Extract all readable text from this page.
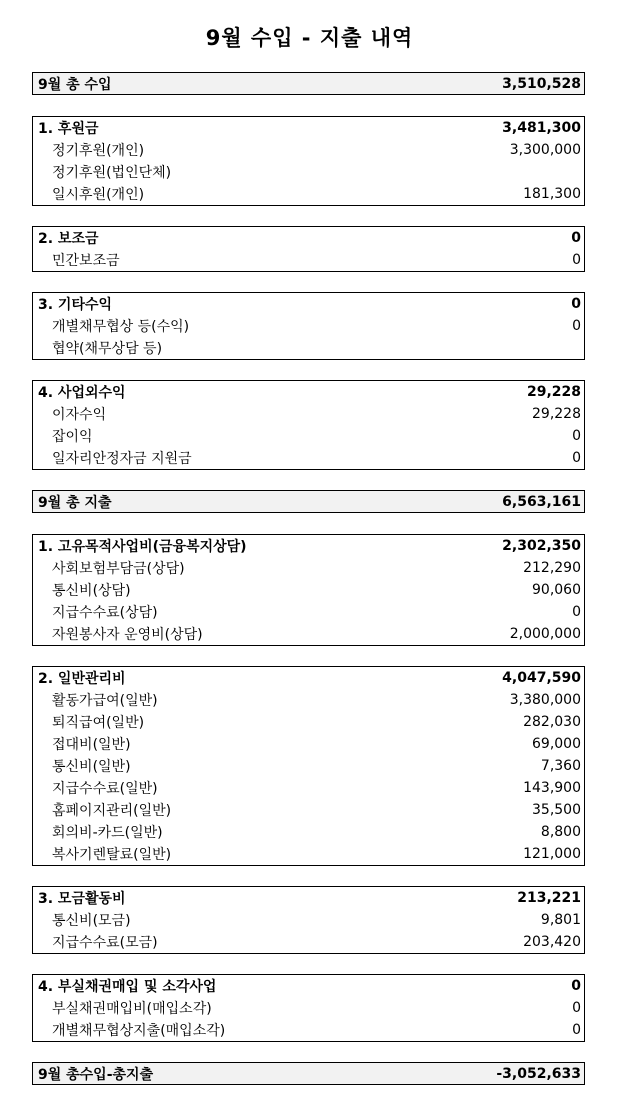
9월 수입 - 지출 내역
9월 총 수입	3,510,528
1. 후원금	3,481,300
정기후원(개인)	3,300,000
정기후원(법인단체)
일시후원(개인)	181,300
2. 보조금	0
민간보조금	0
3. 기타수익	0
개별채무협상 등(수익)	0
협약(채무상담 등)
4. 사업외수익	29,228
이자수익	29,228
잡이익	0
일자리안정자금 지원금	0
9월 총 지출	6,563,161
1. 고유목적사업비(금융복지상담)	2,302,350
사회보험부담금(상담)	212,290
통신비(상담)	90,060
지급수수료(상담)	0
자원봉사자 운영비(상담)	2,000,000
2. 일반관리비	4,047,590
활동가급여(일반)	3,380,000
퇴직급여(일반)	282,030
접대비(일반)	69,000
통신비(일반)	7,360
지급수수료(일반)	143,900
홈페이지관리(일반)	35,500
회의비-카드(일반)	8,800
복사기렌탈료(일반)	121,000
3. 모금활동비	213,221
통신비(모금)	9,801
지급수수료(모금)	203,420
4. 부실채권매입 및 소각사업	0
부실채권매입비(매입소각)	0
개별채무협상지출(매입소각)	0
9월 총수입-총지출	-3,052,633
